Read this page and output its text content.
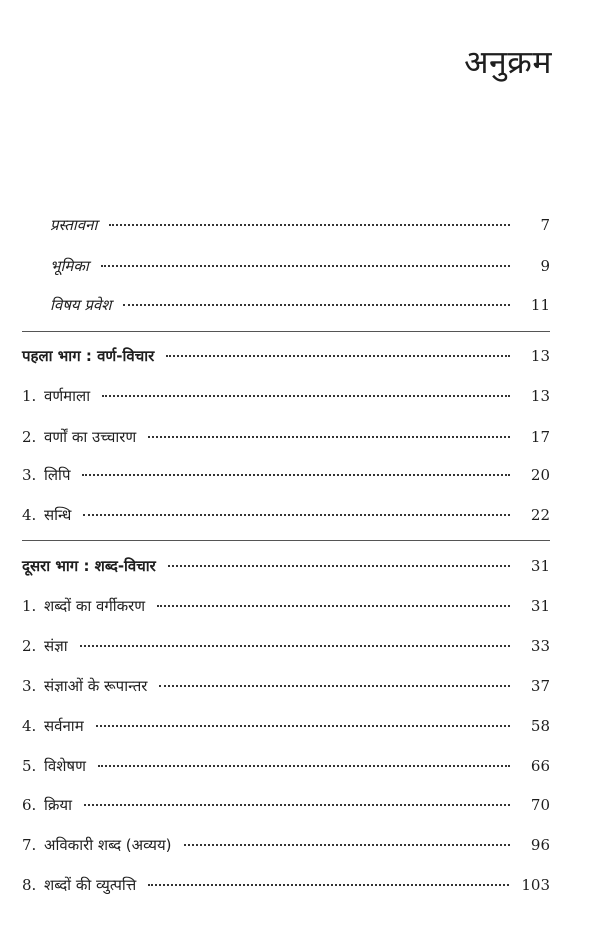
अनुक्रम
प्रस्तावना	7
भूमिका	9
विषय प्रवेश	11
पहला भाग : वर्ण-विचार	13
1. वर्णमाला	13
2. वर्णों का उच्चारण	17
3. लिपि	20
4. सन्धि	22
दूसरा भाग : शब्द-विचार	31
1. शब्दों का वर्गीकरण	31
2. संज्ञा	33
3. संज्ञाओं के रूपान्तर	37
4. सर्वनाम	58
5. विशेषण	66
6. क्रिया	70
7. अविकारी शब्द (अव्यय)	96
8. शब्दों की व्युत्पत्ति	103
